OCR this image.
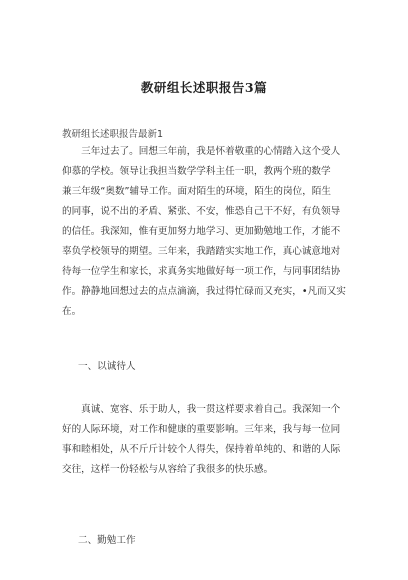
教研组长述职报告3篇
教研组长述职报告最新1
　　三年过去了。回想三年前，我是怀着敬重的心情踏入这个受人
仰慕的学校。领导让我担当数学学科主任一职，教两个班的数学
兼三年级“奥数”辅导工作。面对陌生的环境，陌生的岗位，陌生
的同事，说不出的矛盾、紧张、不安，惟恐自己干不好，有负领导
的信任。我深知，惟有更加努力地学习、更加勤勉地工作，才能不
辜负学校领导的期望。三年来，我踏踏实实地工作，真心诚意地对
待每一位学生和家长，求真务实地做好每一项工作，与同事团结协
作。静静地回想过去的点点滴滴，我过得忙碌而又充实，•凡而又实
在。
一、以诚待人
　　真诚、宽容、乐于助人，我一贯这样要求着自己。我深知一个
好的人际环境，对工作和健康的重要影响。三年来，我与每一位同
事和睦相处，从不斤斤计较个人得失，保持着单纯的、和谐的人际
交往，这样一份轻松与从容给了我很多的快乐感。
二、勤勉工作
